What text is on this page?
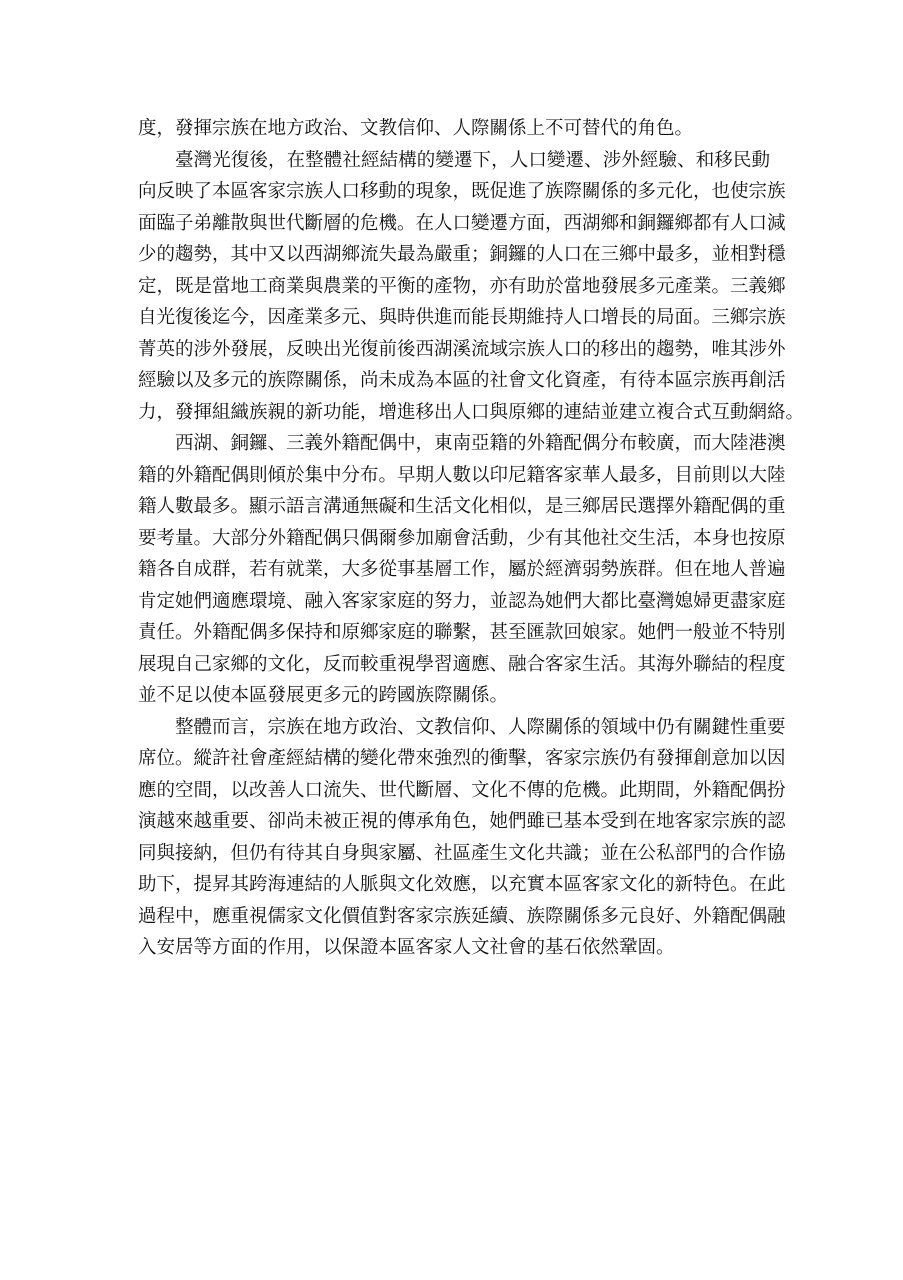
度，發揮宗族在地方政治、文教信仰、人際關係上不可替代的角色。
臺灣光復後，在整體社經結構的變遷下，人口變遷、涉外經驗、和移民動
向反映了本區客家宗族人口移動的現象，既促進了族際關係的多元化，也使宗族
面臨子弟離散與世代斷層的危機。在人口變遷方面，西湖鄉和銅鑼鄉都有人口減
少的趨勢，其中又以西湖鄉流失最為嚴重；銅鑼的人口在三鄉中最多，並相對穩
定，既是當地工商業與農業的平衡的產物，亦有助於當地發展多元產業。三義鄉
自光復後迄今，因產業多元、與時供進而能長期維持人口增長的局面。三鄉宗族
菁英的涉外發展，反映出光復前後西湖溪流域宗族人口的移出的趨勢，唯其涉外
經驗以及多元的族際關係，尚未成為本區的社會文化資產，有待本區宗族再創活
力，發揮組織族親的新功能，增進移出人口與原鄉的連結並建立複合式互動網絡。
西湖、銅鑼、三義外籍配偶中，東南亞籍的外籍配偶分布較廣，而大陸港澳
籍的外籍配偶則傾於集中分布。早期人數以印尼籍客家華人最多，目前則以大陸
籍人數最多。顯示語言溝通無礙和生活文化相似，是三鄉居民選擇外籍配偶的重
要考量。大部分外籍配偶只偶爾參加廟會活動，少有其他社交生活，本身也按原
籍各自成群，若有就業，大多從事基層工作，屬於經濟弱勢族群。但在地人普遍
肯定她們適應環境、融入客家家庭的努力，並認為她們大都比臺灣媳婦更盡家庭
責任。外籍配偶多保持和原鄉家庭的聯繫，甚至匯款回娘家。她們一般並不特別
展現自己家鄉的文化，反而較重視學習適應、融合客家生活。其海外聯結的程度
並不足以使本區發展更多元的跨國族際關係。
整體而言，宗族在地方政治、文教信仰、人際關係的領域中仍有關鍵性重要
席位。縱許社會產經結構的變化帶來強烈的衝擊，客家宗族仍有發揮創意加以因
應的空間，以改善人口流失、世代斷層、文化不傳的危機。此期間，外籍配偶扮
演越來越重要、卻尚未被正視的傳承角色，她們雖已基本受到在地客家宗族的認
同與接納，但仍有待其自身與家屬、社區產生文化共識；並在公私部門的合作協
助下，提昇其跨海連結的人脈與文化效應，以充實本區客家文化的新特色。在此
過程中，應重視儒家文化價值對客家宗族延續、族際關係多元良好、外籍配偶融
入安居等方面的作用，以保證本區客家人文社會的基石依然鞏固。
